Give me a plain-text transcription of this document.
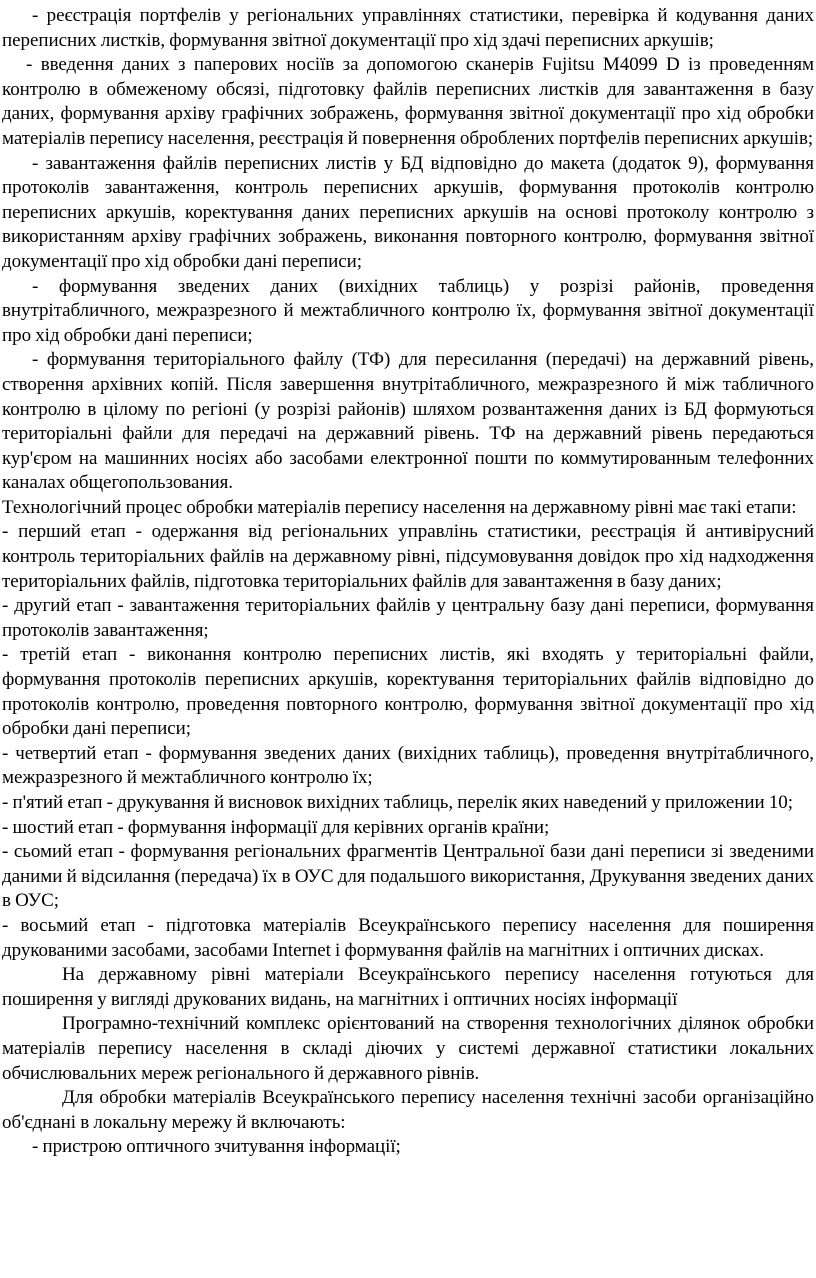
- реєстрація портфелів у регіональних управліннях статистики, перевірка й кодування даних переписних листків, формування звітної документації про хід здачі переписних аркушів;

- введення даних з паперових носіїв за допомогою сканерів Fujitsu M4099 D із проведенням контролю в обмеженому обсязі, підготовку файлів переписних листків для завантаження в базу даних, формування архіву графічних зображень, формування звітної документації про хід обробки матеріалів перепису населення, реєстрація й повернення оброблених портфелів переписних аркушів;

- завантаження файлів переписних листів у БД відповідно до макета (додаток 9), формування протоколів завантаження, контроль переписних аркушів, формування протоколів контролю переписних аркушів, коректування даних переписних аркушів на основі протоколу контролю з використанням архіву графічних зображень, виконання повторного контролю, формування звітної документації про хід обробки дані переписи;

- формування зведених даних (вихідних таблиць) у розрізі районів, проведення внутрітабличного, межразрезного й межтабличного контролю їх, формування звітної документації про хід обробки дані переписи;

- формування територіального файлу (ТФ) для пересилання (передачі) на державний рівень, створення архівних копій. Після завершення внутрітабличного, межразрезного й між табличного контролю в цілому по регіоні (у розрізі районів) шляхом розвантаження даних із БД формуються територіальні файли для передачі на державний рівень. ТФ на державний рівень передаються кур'єром на машинних носіях або засобами електронної пошти по коммутированным телефонних каналах общегопользования.

Технологічний процес обробки матеріалів перепису населення на державному рівні має такі етапи:

- перший етап - одержання від регіональних управлінь статистики, реєстрація й антивірусний контроль територіальних файлів на державному рівні, підсумовування довідок про хід надходження територіальних файлів, підготовка територіальних файлів для завантаження в базу даних;

- другий етап - завантаження територіальних файлів у центральну базу дані переписи, формування протоколів завантаження;

- третій етап - виконання контролю переписних листів, які входять у територіальні файли, формування протоколів переписних аркушів, коректування територіальних файлів відповідно до протоколів контролю, проведення повторного контролю, формування звітної документації про хід обробки дані переписи;

- четвертий етап - формування зведених даних (вихідних таблиць), проведення внутрітабличного, межразрезного й межтабличного контролю їх;

- п'ятий етап - друкування й висновок вихідних таблиць, перелік яких наведений у приложении 10;

- шостий етап - формування інформації для керівних органів країни;

- сьомий етап - формування регіональних фрагментів Центральної бази дані переписи зі зведеними даними й відсилання (передача) їх в ОУС для подальшого використання, Друкування зведених даних в ОУС;

- восьмий етап - підготовка матеріалів Всеукраїнського перепису населення для поширення друкованими засобами, засобами Internet і формування файлів на магнітних і оптичних дисках.

На державному рівні матеріали Всеукраїнського перепису населення готуються для поширення у вигляді друкованих видань, на магнітних і оптичних носіях інформації

Програмно-технічний комплекс орієнтований на створення технологічних ділянок обробки матеріалів перепису населення в складі діючих у системі державної статистики локальних обчислювальних мереж регіонального й державного рівнів.

Для обробки матеріалів Всеукраїнського перепису населення технічні засоби організаційно об'єднані в локальну мережу й включають:

- пристрою оптичного зчитування інформації;
